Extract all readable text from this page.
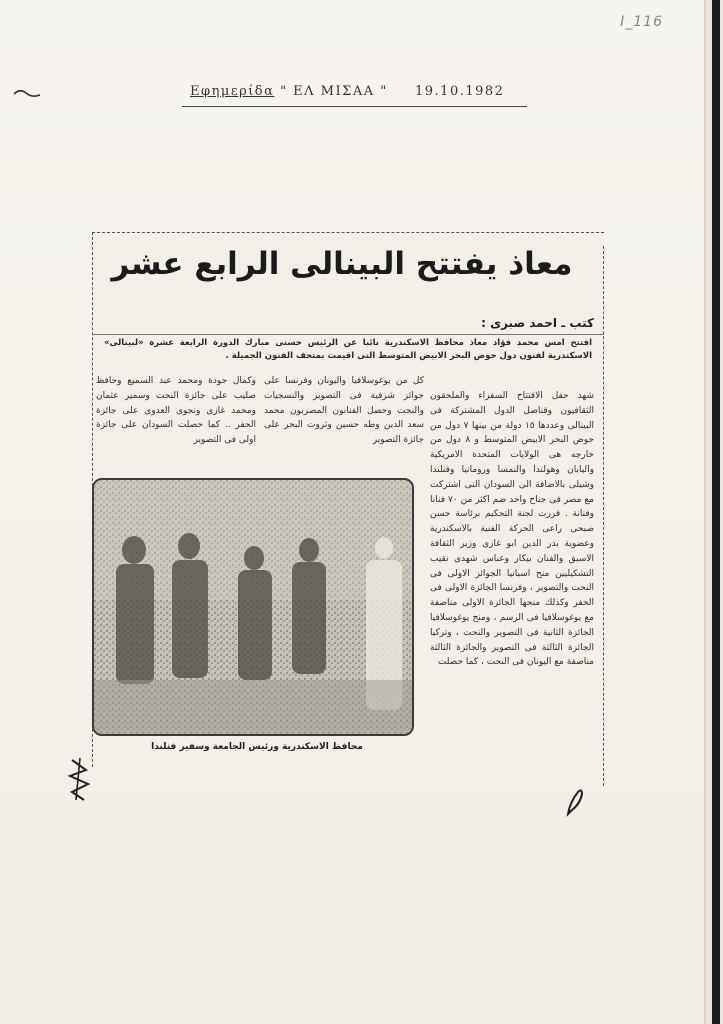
I_116
Εφημερίδα " ΕΛ ΜΙΣΑΑ " 19.10.1982
معاذ يفتتح البينالى الرابع عشر
كتب ـ احمد صبرى :
افتتح امس محمد فؤاد معاذ محافظ الاسكندرية نائبا عن الرئيس حسنى مبارك الدورة الرابعة عشرة «لبينالى» الاسكندرية لفنون دول حوض البحر الابيض المتوسط التى اقيمت بمتحف الفنون الجميلة .
شهد حفل الافتتاح السفراء والملحقون الثقافيون وقناصل الدول المشتركة فى البينالى وعددها ١٥ دولة من بينها ٧ دول من حوض البحر الابيض المتوسط و ٨ دول من خارجه هى الولايات المتحدة الامريكية واليابان وهولندا والنمسا ورومانيا وفنلندا وشيلى بالاضافة الى السودان التى اشتركت مع مصر فى جناح واحد ضم اكثر من ٧٠ فنانا وفنانة . قررت لجنة التحكيم برئاسة حسن صبحى راعى الحركة الفنية بالاسكندرية وعضوية بدر الدين ابو غازى وزير الثقافة الاسبق والفنان بيكار وعباس شهدى نقيب التشكيليين منح اسبانيا الجوائز الاولى فى النحت والتصوير ، وفرنسا الجائزة الاولى فى الحفر وكذلك منحها الجائزة الاولى مناصفة مع يوغوسلافيا فى الرسم ، ومنح يوغوسلافيا الجائزة الثانية فى التصوير والنحت ، وتركيا الجائزة الثالثة فى التصوير والجائزة الثالثة مناصفة مع اليونان فى النحت ، كما حصلت
كل من يوغوسلافيا واليونان وفرنسا على جوائز شرفية فى التصوير والنسجيات والنحت وحصل الفنانون المصريون محمد سعد الدين وطه حسين وثروت البحر على جائزة التصوير
وكمال جودة ومحمد عبد السميع وحافظ صليب على جائزة النحت وسمير عثمان ومحمد غازى ونجوى العدوى على جائزة الحفر .. كما حصلت السودان على جائزة اولى فى التصوير
محافظ الاسكندرية ورئيس الجامعة وسفير فنلندا
